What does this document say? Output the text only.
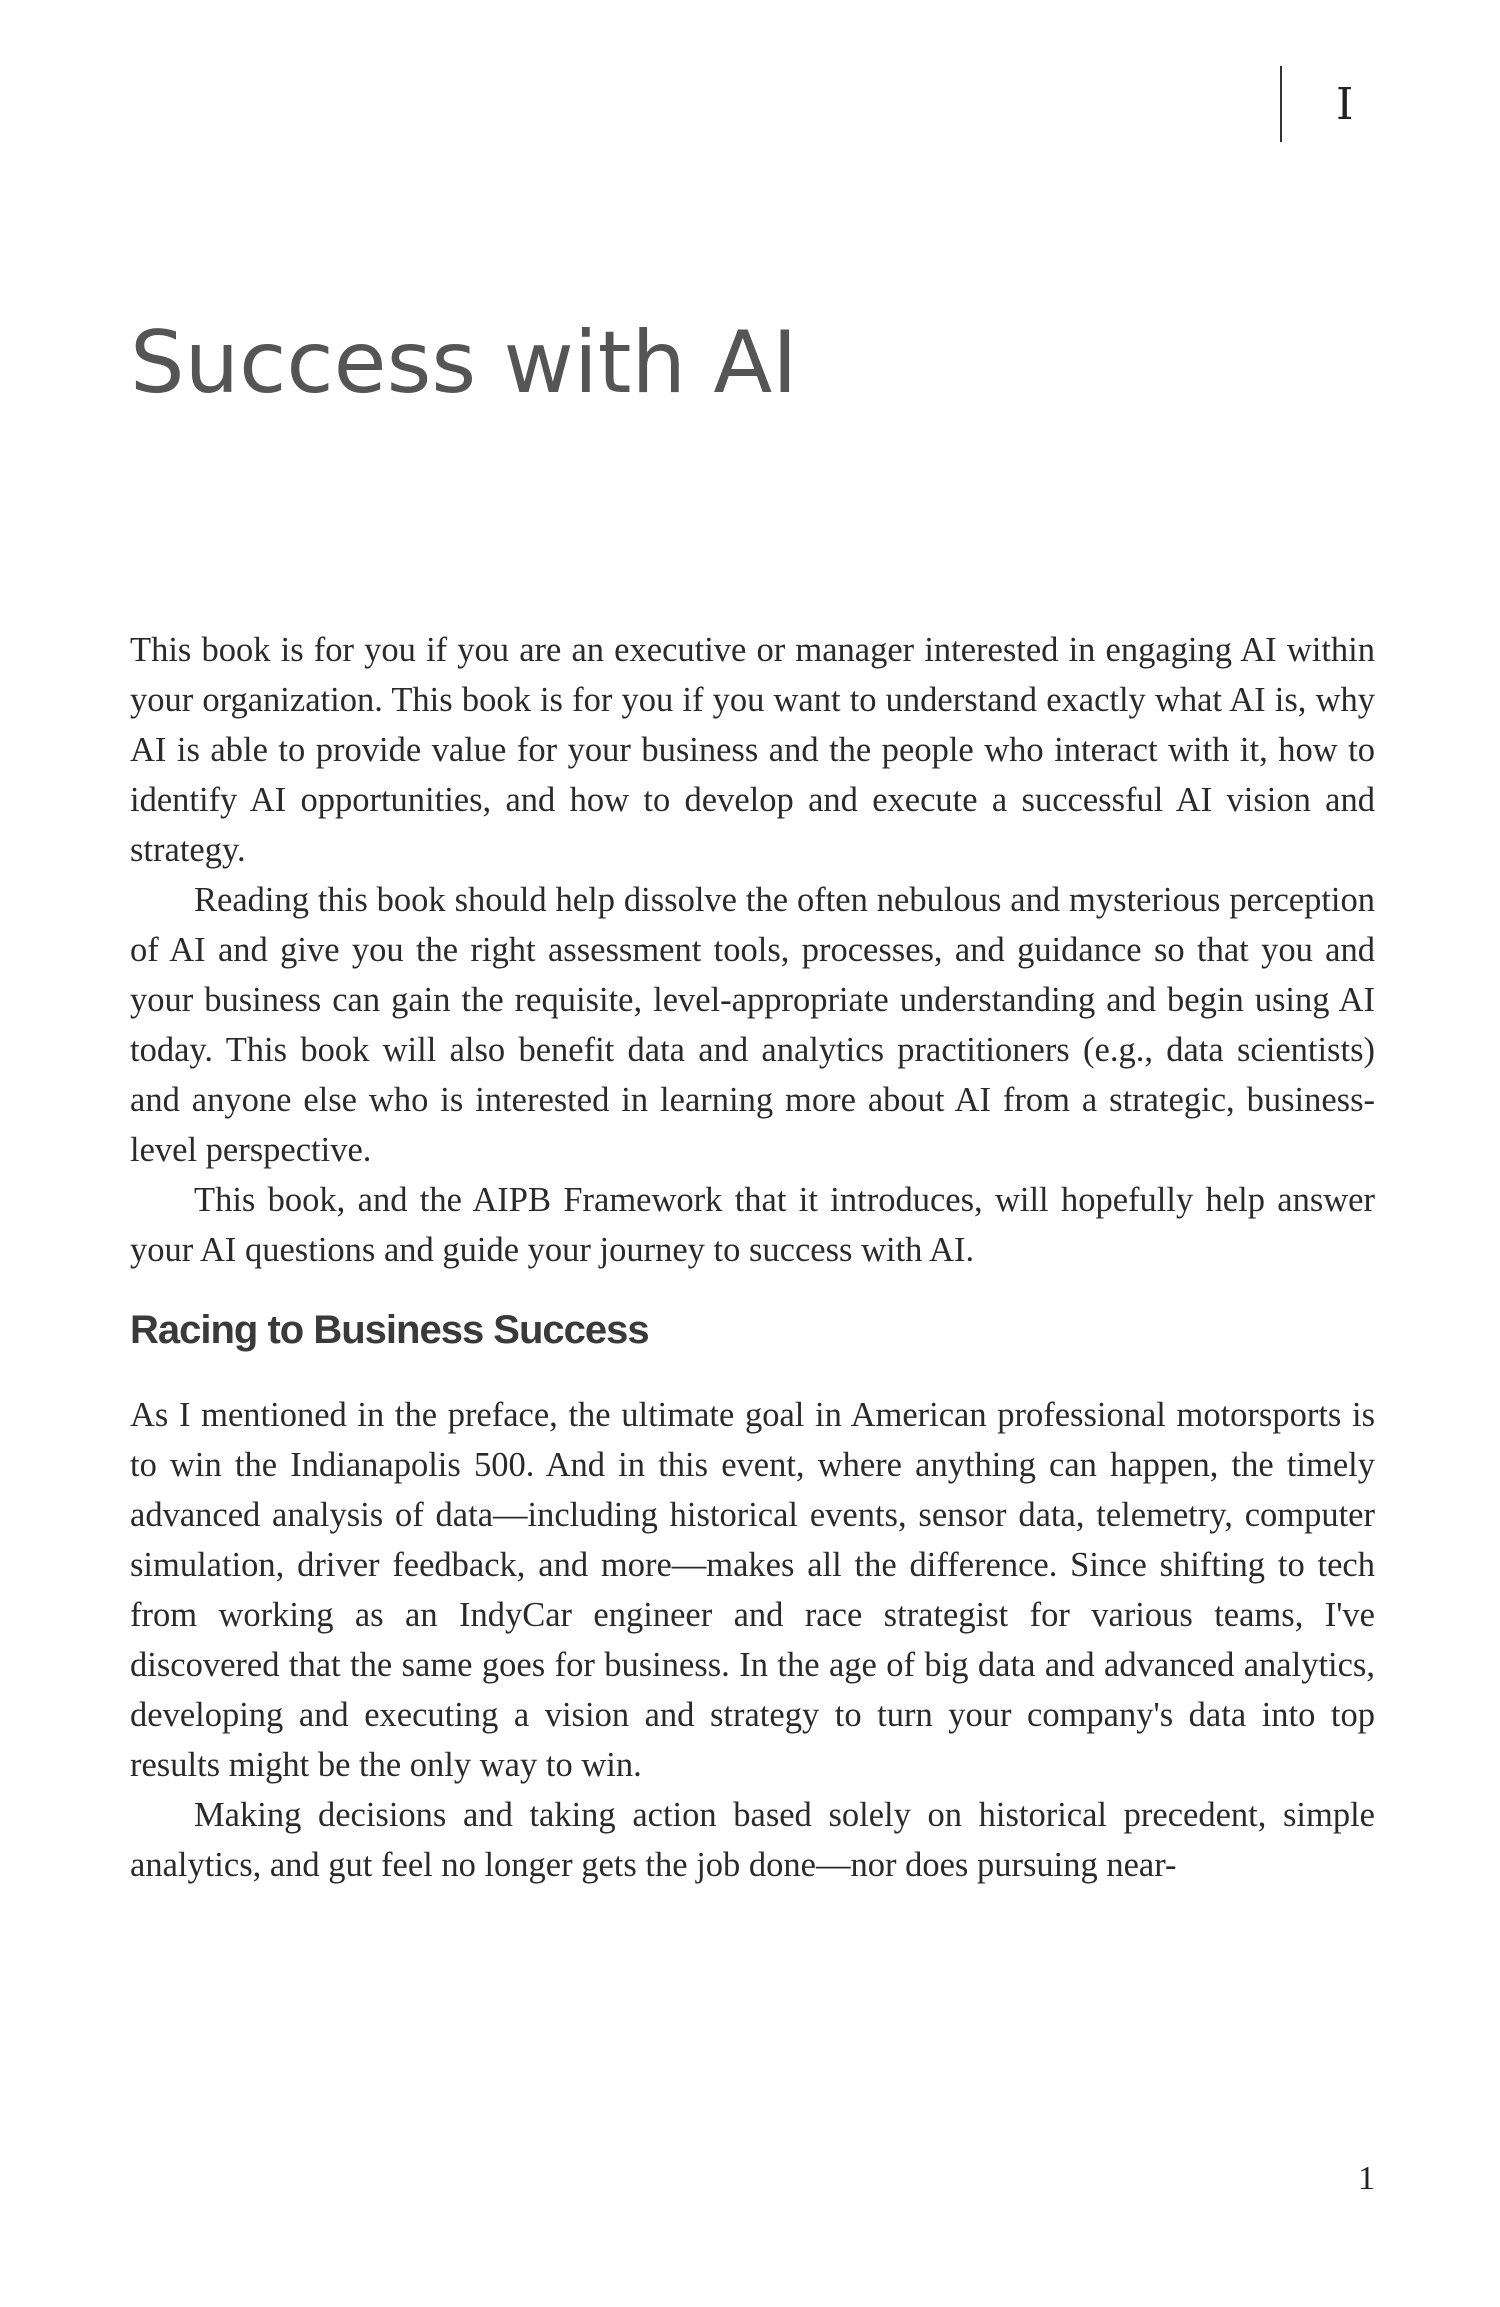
I
Success with AI

This book is for you if you are an executive or manager interested in engaging AI within your organization. This book is for you if you want to understand exactly what AI is, why AI is able to provide value for your business and the people who interact with it, how to identify AI opportunities, and how to develop and execute a successful AI vision and strategy.

Reading this book should help dissolve the often nebulous and mysterious perception of AI and give you the right assessment tools, processes, and guidance so that you and your business can gain the requisite, level-appropriate understanding and begin using AI today. This book will also benefit data and analytics practitioners (e.g., data scientists) and anyone else who is interested in learning more about AI from a strategic, business-level perspective.

This book, and the AIPB Framework that it introduces, will hopefully help answer your AI questions and guide your journey to success with AI.

Racing to Business Success

As I mentioned in the preface, the ultimate goal in American professional motorsports is to win the Indianapolis 500. And in this event, where anything can happen, the timely advanced analysis of data—including historical events, sensor data, telemetry, computer simulation, driver feedback, and more—makes all the difference. Since shifting to tech from working as an IndyCar engineer and race strategist for various teams, I've discovered that the same goes for business. In the age of big data and advanced analytics, developing and executing a vision and strategy to turn your company's data into top results might be the only way to win.

Making decisions and taking action based solely on historical precedent, simple analytics, and gut feel no longer gets the job done—nor does pursuing near-

1
